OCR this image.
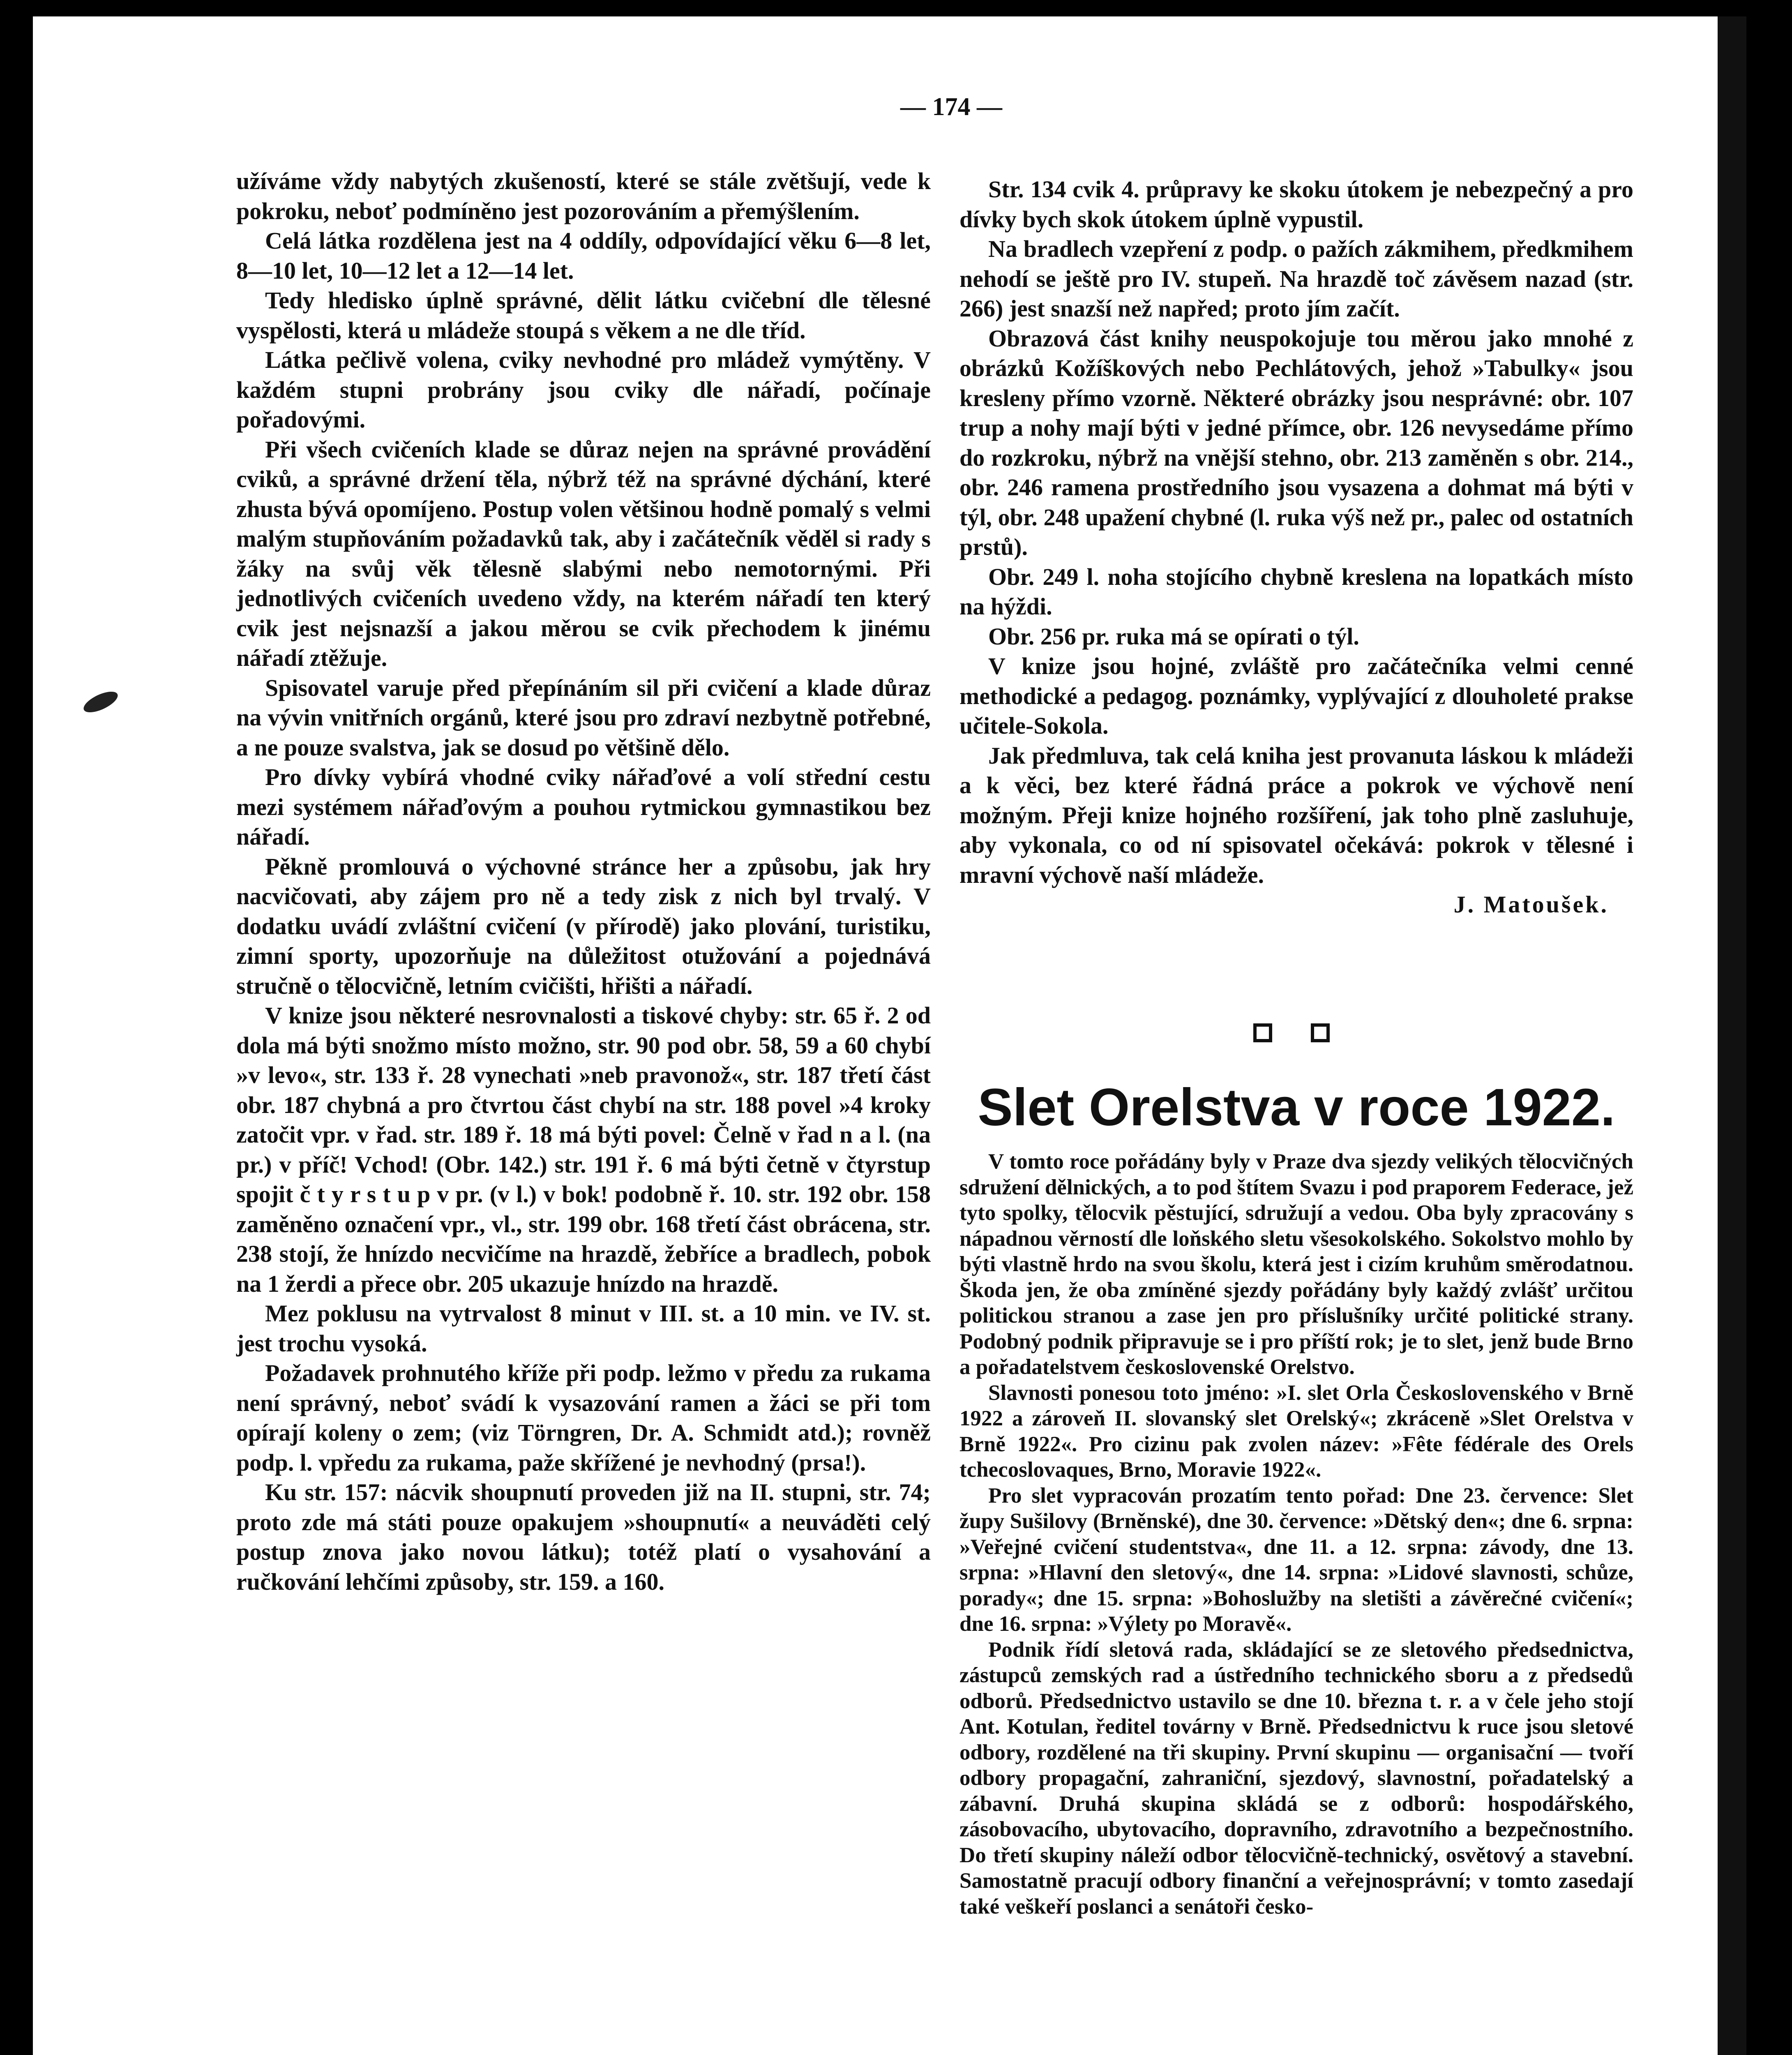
— 174 —

užíváme vždy nabytých zkušeností, které se stále zvětšují, vede k pokroku, neboť podmíněno jest pozorováním a přemýšlením.

Celá látka rozdělena jest na 4 oddíly, odpovídající věku 6—8 let, 8—10 let, 10—12 let a 12—14 let.

Tedy hledisko úplně správné, dělit látku cvičební dle tělesné vyspělosti, která u mládeže stoupá s věkem a ne dle tříd.

Látka pečlivě volena, cviky nevhodné pro mládež vymýtěny. V každém stupni probrány jsou cviky dle nářadí, počínaje pořadovými.

Při všech cvičeních klade se důraz nejen na správné provádění cviků, a správné držení těla, nýbrž též na správné dýchání, které zhusta bývá opomíjeno. Postup volen většinou hodně pomalý s velmi malým stupňováním požadavků tak, aby i začátečník věděl si rady s žáky na svůj věk tělesně slabými nebo nemotornými. Při jednotlivých cvičeních uvedeno vždy, na kterém nářadí ten který cvik jest nejsnazší a jakou měrou se cvik přechodem k jinému nářadí ztěžuje.

Spisovatel varuje před přepínáním sil při cvičení a klade důraz na vývin vnitřních orgánů, které jsou pro zdraví nezbytně potřebné, a ne pouze svalstva, jak se dosud po většině dělo.

Pro dívky vybírá vhodné cviky nářaďové a volí střední cestu mezi systémem nářaďovým a pouhou rytmickou gymnastikou bez nářadí.

Pěkně promlouvá o výchovné stránce her a způsobu, jak hry nacvičovati, aby zájem pro ně a tedy zisk z nich byl trvalý. V dodatku uvádí zvláštní cvičení (v přírodě) jako plování, turistiku, zimní sporty, upozorňuje na důležitost otužování a pojednává stručně o tělocvičně, letním cvičišti, hřišti a nářadí.

V knize jsou některé nesrovnalosti a tiskové chyby: str. 65 ř. 2 od dola má býti snožmo místo možno, str. 90 pod obr. 58, 59 a 60 chybí »v levo«, str. 133 ř. 28 vynechati »neb pravonož«, str. 187 třetí část obr. 187 chybná a pro čtvrtou část chybí na str. 188 povel »4 kroky zatočit vpr. v řad. str. 189 ř. 18 má býti povel: Čelně v řad n a l. (na pr.) v příč! Vchod! (Obr. 142.) str. 191 ř. 6 má býti četně v čtyrstup spojit č t y r s t u p v pr. (v l.) v bok! podobně ř. 10. str. 192 obr. 158 zaměněno označení vpr., vl., str. 199 obr. 168 třetí část obrácena, str. 238 stojí, že hnízdo necvičíme na hrazdě, žebříce a bradlech, pobok na 1 žerdi a přece obr. 205 ukazuje hnízdo na hrazdě.

Mez poklusu na vytrvalost 8 minut v III. st. a 10 min. ve IV. st. jest trochu vysoká.

Požadavek prohnutého kříže při podp. ležmo v předu za rukama není správný, neboť svádí k vysazování ramen a žáci se při tom opírají koleny o zem; (viz Törngren, Dr. A. Schmidt atd.); rovněž podp. l. vpředu za rukama, paže skřížené je nevhodný (prsa!).

Ku str. 157: nácvik shoupnutí proveden již na II. stupni, str. 74; proto zde má státi pouze opakujem »shoupnutí« a neuváděti celý postup znova jako novou látku); totéž platí o vysahování a ručkování lehčími způsoby, str. 159. a 160.

Str. 134 cvik 4. průpravy ke skoku útokem je nebezpečný a pro dívky bych skok útokem úplně vypustil.

Na bradlech vzepření z podp. o pažích zákmihem, předkmihem nehodí se ještě pro IV. stupeň. Na hrazdě toč závěsem nazad (str. 266) jest snazší než napřed; proto jím začít.

Obrazová část knihy neuspokojuje tou měrou jako mnohé z obrázků Kožíškových nebo Pechlátových, jehož »Tabulky« jsou kresleny přímo vzorně. Některé obrázky jsou nesprávné: obr. 107 trup a nohy mají býti v jedné přímce, obr. 126 nevysedáme přímo do rozkroku, nýbrž na vnější stehno, obr. 213 zaměněn s obr. 214., obr. 246 ramena prostředního jsou vysazena a dohmat má býti v týl, obr. 248 upažení chybné (l. ruka výš než pr., palec od ostatních prstů).

Obr. 249 l. noha stojícího chybně kreslena na lopatkách místo na hýždi.

Obr. 256 pr. ruka má se opírati o týl.

V knize jsou hojné, zvláště pro začátečníka velmi cenné methodické a pedagog. poznámky, vyplývající z dlouholeté prakse učitele-Sokola.

Jak předmluva, tak celá kniha jest provanuta láskou k mládeži a k věci, bez které řádná práce a pokrok ve výchově není možným. Přeji knize hojného rozšíření, jak toho plně zasluhuje, aby vykonala, co od ní spisovatel očekává: pokrok v tělesné i mravní výchově naší mládeže.

J. Matoušek.

Slet Orelstva v roce 1922.

V tomto roce pořádány byly v Praze dva sjezdy velikých tělocvičných sdružení dělnických, a to pod štítem Svazu i pod praporem Federace, jež tyto spolky, tělocvik pěstující, sdružují a vedou. Oba byly zpracovány s nápadnou věrností dle loňského sletu všesokolského. Sokolstvo mohlo by býti vlastně hrdo na svou školu, která jest i cizím kruhům směrodatnou. Škoda jen, že oba zmíněné sjezdy pořádány byly každý zvlášť určitou politickou stranou a zase jen pro příslušníky určité politické strany. Podobný podnik připravuje se i pro příští rok; je to slet, jenž bude Brno a pořadatelstvem československé Orelstvo.

Slavnosti ponesou toto jméno: »I. slet Orla Československého v Brně 1922 a zároveň II. slovanský slet Orelský«; zkráceně »Slet Orelstva v Brně 1922«. Pro cizinu pak zvolen název: »Fête fédérale des Orels tchecoslovaques, Brno, Moravie 1922«.

Pro slet vypracován prozatím tento pořad: Dne 23. července: Slet župy Sušilovy (Brněnské), dne 30. července: »Dětský den«; dne 6. srpna: »Veřejné cvičení studentstva«, dne 11. a 12. srpna: závody, dne 13. srpna: »Hlavní den sletový«, dne 14. srpna: »Lidové slavnosti, schůze, porady«; dne 15. srpna: »Bohoslužby na sletišti a závěrečné cvičení«; dne 16. srpna: »Výlety po Moravě«.

Podnik řídí sletová rada, skládající se ze sletového předsednictva, zástupců zemských rad a ústředního technického sboru a z předsedů odborů. Předsednictvo ustavilo se dne 10. března t. r. a v čele jeho stojí Ant. Kotulan, ředitel továrny v Brně. Předsednictvu k ruce jsou sletové odbory, rozdělené na tři skupiny. První skupinu — organisační — tvoří odbory propagační, zahraniční, sjezdový, slavnostní, pořadatelský a zábavní. Druhá skupina skládá se z odborů: hospodářského, zásobovacího, ubytovacího, dopravního, zdravotního a bezpečnostního. Do třetí skupiny náleží odbor tělocvičně-technický, osvětový a stavební. Samostatně pracují odbory finanční a veřejnosprávní; v tomto zasedají také veškeří poslanci a senátoři česko-
